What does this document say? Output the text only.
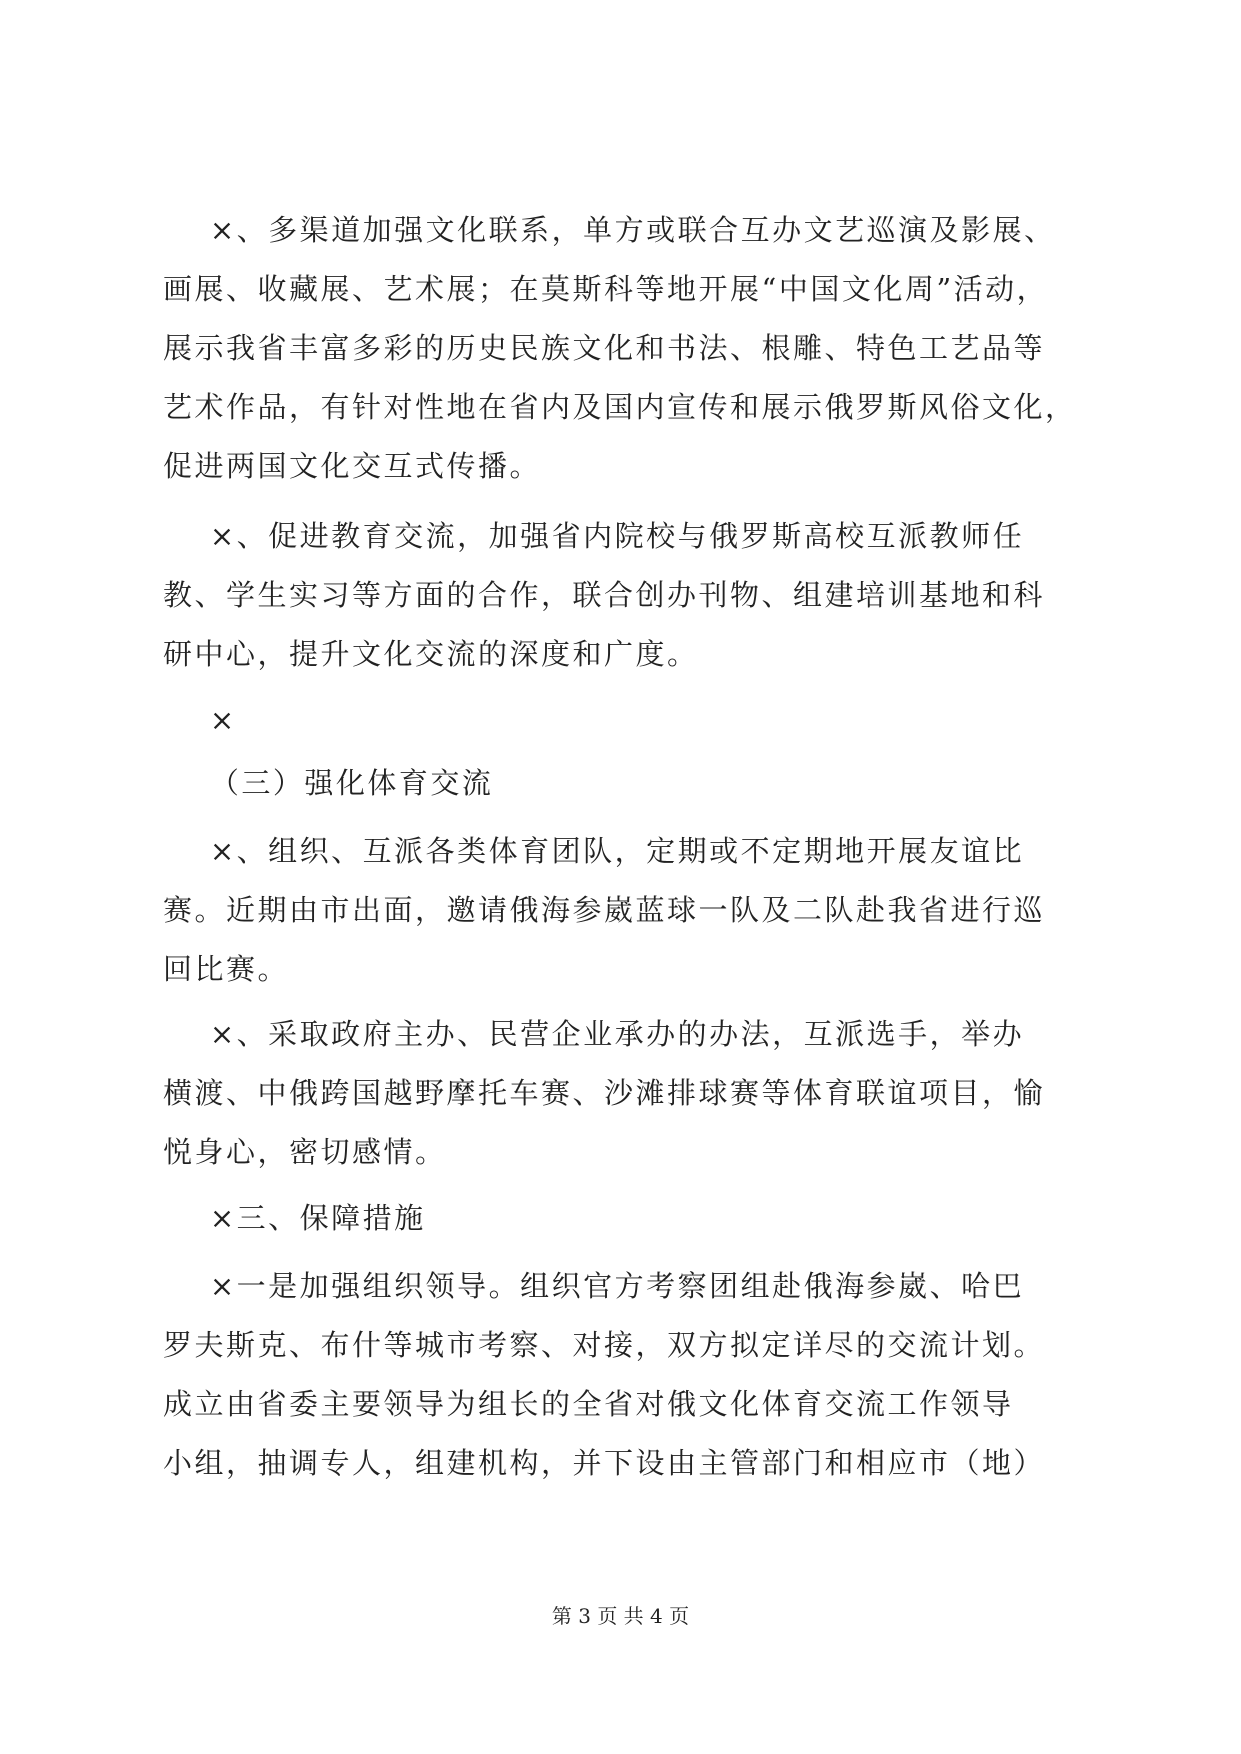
×、多渠道加强文化联系，单方或联合互办文艺巡演及影展、
画展、收藏展、艺术展；在莫斯科等地开展“中国文化周”活动，
展示我省丰富多彩的历史民族文化和书法、根雕、特色工艺品等
艺术作品，有针对性地在省内及国内宣传和展示俄罗斯风俗文化，
促进两国文化交互式传播。
×、促进教育交流，加强省内院校与俄罗斯高校互派教师任
教、学生实习等方面的合作，联合创办刊物、组建培训基地和科
研中心，提升文化交流的深度和广度。
×
（三）强化体育交流
×、组织、互派各类体育团队，定期或不定期地开展友谊比
赛。近期由市出面，邀请俄海参崴蓝球一队及二队赴我省进行巡
回比赛。
×、采取政府主办、民营企业承办的办法，互派选手，举办
横渡、中俄跨国越野摩托车赛、沙滩排球赛等体育联谊项目，愉
悦身心，密切感情。
×三、保障措施
×一是加强组织领导。组织官方考察团组赴俄海参崴、哈巴
罗夫斯克、布什等城市考察、对接，双方拟定详尽的交流计划。
成立由省委主要领导为组长的全省对俄文化体育交流工作领导
小组，抽调专人，组建机构，并下设由主管部门和相应市（地）
第 3 页 共 4 页
